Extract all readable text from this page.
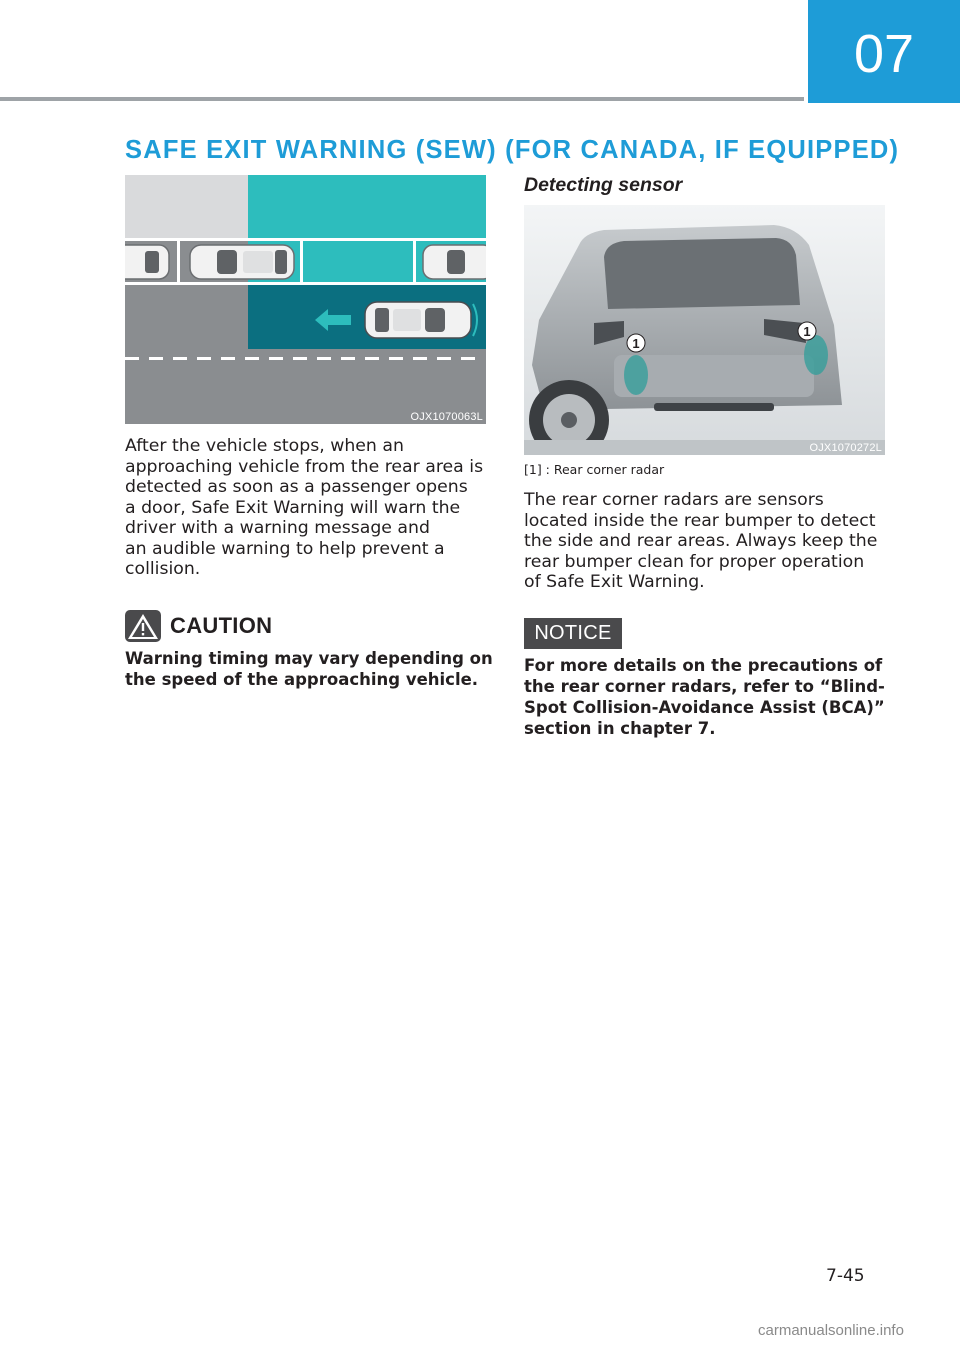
07
SAFE EXIT WARNING (SEW) (FOR CANADA, IF EQUIPPED)
OJX1070063L

After the vehicle stops, when an
approaching vehicle from the rear area is
detected as soon as a passenger opens
a door, Safe Exit Warning will warn the
driver with a warning message and
an audible warning to help prevent a
collision.

CAUTION

Warning timing may vary depending on
the speed of the approaching vehicle.

Detecting sensor
1
1
OJX1070272L
[1] : Rear corner radar

The rear corner radars are sensors
located inside the rear bumper to detect
the side and rear areas. Always keep the
rear bumper clean for proper operation
of Safe Exit Warning.

NOTICE

For more details on the precautions of
the rear corner radars, refer to “Blind-
Spot Collision-Avoidance Assist (BCA)”
section in chapter 7.

7-45
carmanualsonline.info
